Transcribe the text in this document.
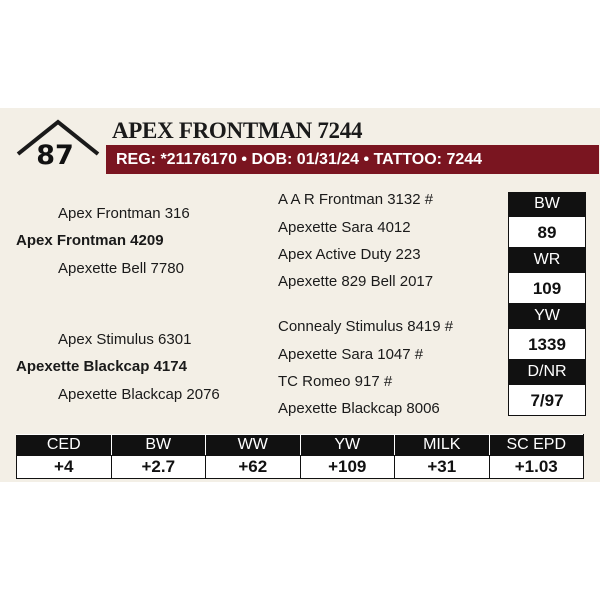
87
APEX FRONTMAN 7244
REG: *21176170 • DOB: 01/31/24 • TATTOO: 7244
Apex Frontman 316
Apex Frontman 4209
Apexette Bell 7780
Apex Stimulus 6301
Apexette Blackcap 4174
Apexette Blackcap 2076
A A R Frontman 3132 #
Apexette Sara 4012
Apex Active Duty 223
Apexette 829 Bell 2017
Connealy Stimulus 8419 #
Apexette Sara 1047 #
TC Romeo 917 #
Apexette Blackcap 8006
BW
89
WR
109
YW
1339
D/NR
7/97
CED	BW	WW	YW	MILK	SC EPD
+4	+2.7	+62	+109	+31	+1.03
